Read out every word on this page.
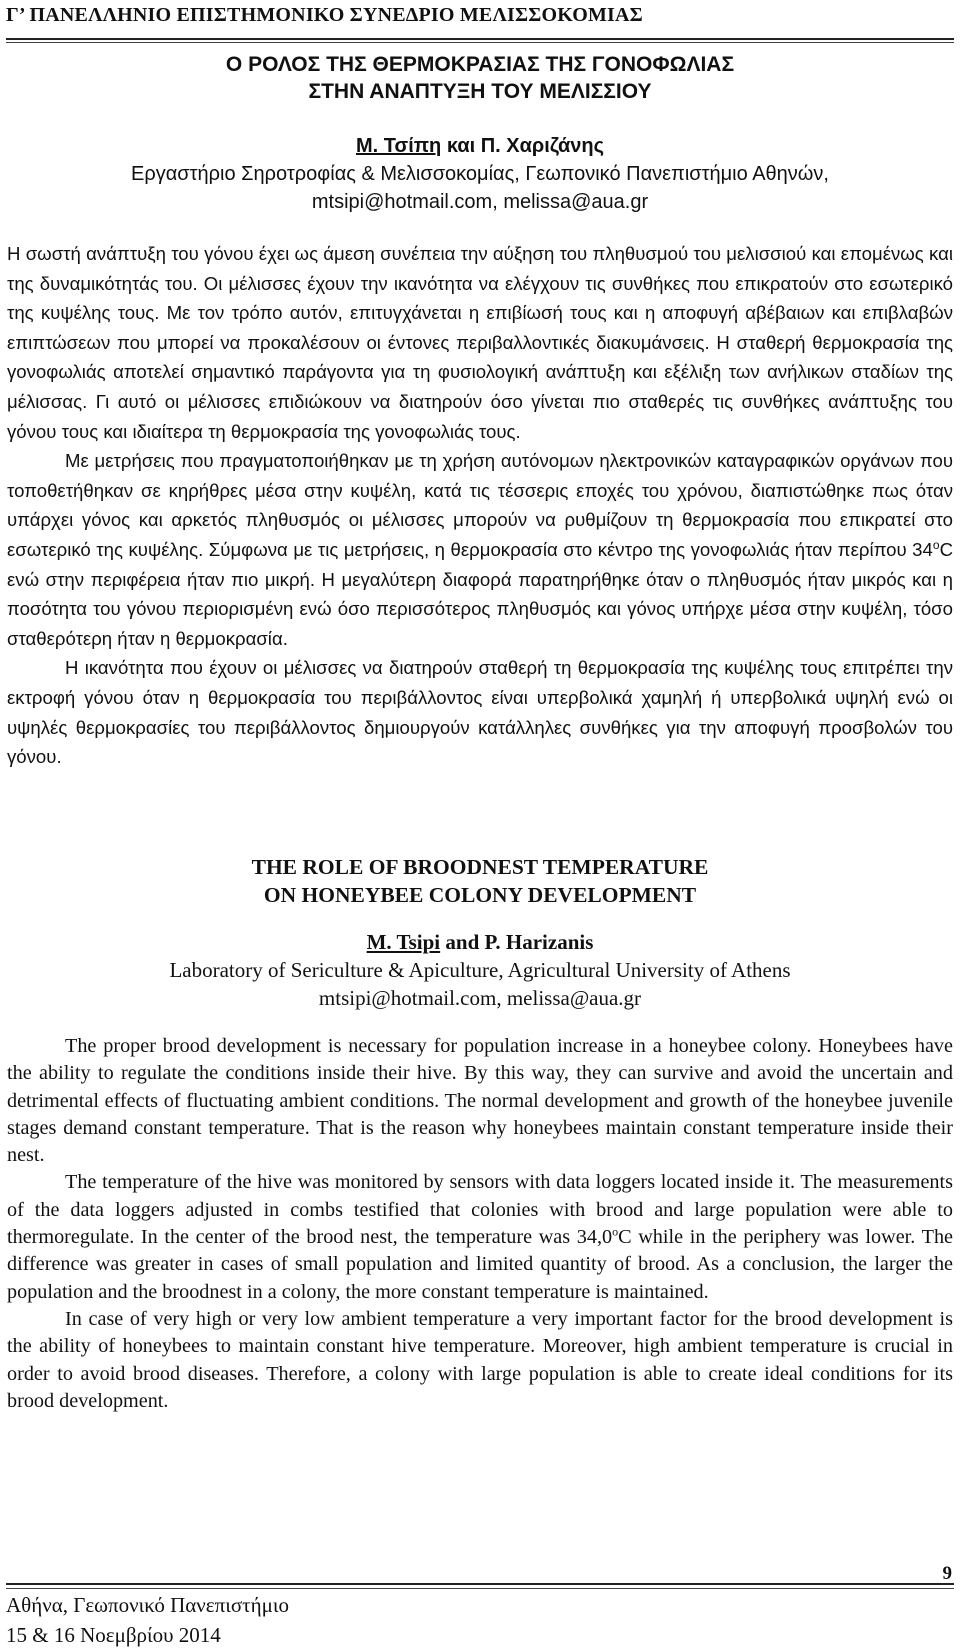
Γ’ ΠΑΝΕΛΛΗΝΙΟ ΕΠΙΣΤΗΜΟΝΙΚΟ ΣΥΝΕΔΡΙΟ ΜΕΛΙΣΣΟΚΟΜΙΑΣ
Ο ΡΟΛΟΣ ΤΗΣ ΘΕΡΜΟΚΡΑΣΙΑΣ ΤΗΣ ΓΟΝΟΦΩΛΙΑΣ
ΣΤΗΝ ΑΝΑΠΤΥΞΗ ΤΟΥ ΜΕΛΙΣΣΙΟΥ
Μ. Τσίπη και Π. Χαριζάνης
Εργαστήριο Σηροτροφίας & Μελισσοκομίας, Γεωπονικό Πανεπιστήμιο Αθηνών,
mtsipi@hotmail.com, melissa@aua.gr

Η σωστή ανάπτυξη του γόνου έχει ως άμεση συνέπεια την αύξηση του πληθυσμού του μελισσιού και επομένως και της δυναμικότητάς του. Οι μέλισσες έχουν την ικανότητα να ελέγχουν τις συνθήκες που επικρατούν στο εσωτερικό της κυψέλης τους. Με τον τρόπο αυτόν, επιτυγχάνεται η επιβίωσή τους και η αποφυγή αβέβαιων και επιβλαβών επιπτώσεων που μπορεί να προκαλέσουν οι έντονες περιβαλλοντικές διακυμάνσεις. Η σταθερή θερμοκρασία της γονοφωλιάς αποτελεί σημαντικό παράγοντα για τη φυσιολογική ανάπτυξη και εξέλιξη των ανήλικων σταδίων της μέλισσας. Γι αυτό οι μέλισσες επιδιώκουν να διατηρούν όσο γίνεται πιο σταθερές τις συνθήκες ανάπτυξης του γόνου τους και ιδιαίτερα τη θερμοκρασία της γονοφωλιάς τους.

Με μετρήσεις που πραγματοποιήθηκαν με τη χρήση αυτόνομων ηλεκτρονικών καταγραφικών οργάνων που τοποθετήθηκαν σε κηρήθρες μέσα στην κυψέλη, κατά τις τέσσερις εποχές του χρόνου, διαπιστώθηκε πως όταν υπάρχει γόνος και αρκετός πληθυσμός οι μέλισσες μπορούν να ρυθμίζουν τη θερμοκρασία που επικρατεί στο εσωτερικό της κυψέλης. Σύμφωνα με τις μετρήσεις, η θερμοκρασία στο κέντρο της γονοφωλιάς ήταν περίπου $34^oC$ ενώ στην περιφέρεια ήταν πιο μικρή. Η μεγαλύτερη διαφορά παρατηρήθηκε όταν ο πληθυσμός ήταν μικρός και η ποσότητα του γόνου περιορισμένη ενώ όσο περισσότερος πληθυσμός και γόνος υπήρχε μέσα στην κυψέλη, τόσο σταθερότερη ήταν η θερμοκρασία.

Η ικανότητα που έχουν οι μέλισσες να διατηρούν σταθερή τη θερμοκρασία της κυψέλης τους επιτρέπει την εκτροφή γόνου όταν η θερμοκρασία του περιβάλλοντος είναι υπερβολικά χαμηλή ή υπερβολικά υψηλή ενώ οι υψηλές θερμοκρασίες του περιβάλλοντος δημιουργούν κατάλληλες συνθήκες για την αποφυγή προσβολών του γόνου.

THE ROLE OF BROODNEST TEMPERATURE
ON HONEYBEE COLONY DEVELOPMENT
M. Tsipi and P. Harizanis
Laboratory of Sericulture & Apiculture, Agricultural University of Athens
mtsipi@hotmail.com, melissa@aua.gr

The proper brood development is necessary for population increase in a honeybee colony. Honeybees have the ability to regulate the conditions inside their hive. By this way, they can survive and avoid the uncertain and detrimental effects of fluctuating ambient conditions. The normal development and growth of the honeybee juvenile stages demand constant temperature. That is the reason why honeybees maintain constant temperature inside their nest.

The temperature of the hive was monitored by sensors with data loggers located inside it. The measurements of the data loggers adjusted in combs testified that colonies with brood and large population were able to thermoregulate. In the center of the brood nest, the temperature was 34,0$^o$C while in the periphery was lower. The difference was greater in cases of small population and limited quantity of brood. As a conclusion, the larger the population and the broodnest in a colony, the more constant temperature is maintained.

In case of very high or very low ambient temperature a very important factor for the brood development is the ability of honeybees to maintain constant hive temperature. Moreover, high ambient temperature is crucial in order to avoid brood diseases. Therefore, a colony with large population is able to create ideal conditions for its brood development.

9
Αθήνα, Γεωπονικό Πανεπιστήμιο
15 & 16 Νοεμβρίου 2014
